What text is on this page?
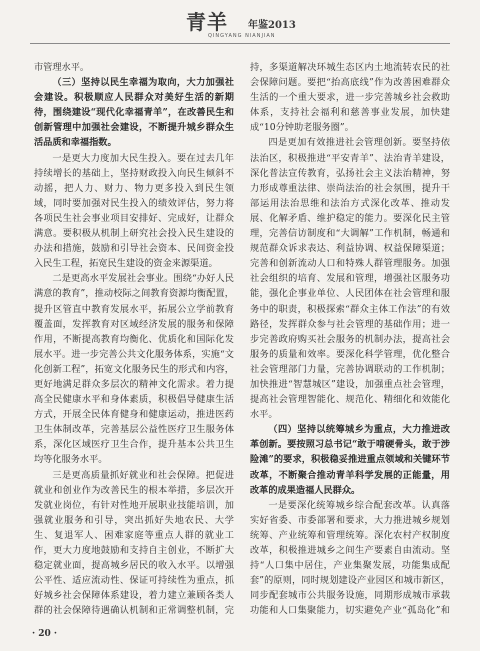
青羊 年鉴2013
QINGYANG NIANJIAN

市管理水平。

（三）坚持以民生幸福为取向，大力加强社会建设。积极顺应人民群众对美好生活的新期待，围绕建设“现代化幸福青羊”，在改善民生和创新管理中加强社会建设，不断提升城乡群众生活品质和幸福指数。

一是更大力度加大民生投入。要在过去几年持续增长的基础上，坚持财政投入向民生倾斜不动摇，把人力、财力、物力更多投入到民生领域，同时要加强对民生投入的绩效评估，努力将各项民生社会事业项目安排好、完成好，让群众满意。要积极从机制上研究社会投入民生建设的办法和措施，鼓励和引导社会资本、民间资金投入民生工程，拓宽民生建设的资金来源渠道。

二是更高水平发展社会事业。围绕“办好人民满意的教育”，推动校际之间教育资源均衡配置，提升区管直中教育发展水平，拓展公立学前教育覆盖面，发挥教育对区域经济发展的服务和保障作用，不断提高教育均衡化、优质化和国际化发展水平。进一步完善公共文化服务体系，实施“文化创新工程”，拓宽文化服务民生的形式和内容，更好地满足群众多层次的精神文化需求。着力提高全民健康水平和身体素质，积极倡导健康生活方式，开展全民体育健身和健康运动，推进医药卫生体制改革，完善基层公益性医疗卫生服务体系，深化区域医疗卫生合作，提升基本公共卫生均等化服务水平。

三是更高质量抓好就业和社会保障。把促进就业和创业作为改善民生的根本举措，多层次开发就业岗位，有针对性地开展职业技能培训，加强就业服务和引导，突出抓好失地农民、大学生、复退军人、困难家庭等重点人群的就业工作，更大力度地鼓励和支持自主创业，不断扩大稳定就业面，提高城乡居民的收入水平。以增强公平性、适应流动性、保证可持续性为重点，抓好城乡社会保障体系建设，着力建立兼顾各类人群的社会保障待遇确认机制和正常调整机制，完

持，多渠道解决环城生态区内土地流转农民的社会保障问题。要把“抬高底线”作为改善困难群众生活的一个重大要求，进一步完善城乡社会救助体系，支持社会福利和慈善事业发展，加快建成“10分钟助老服务圈”。

四是更加有效推进社会管理创新。要坚持依法治区，积极推进“平安青羊”、法治青羊建设，深化普法宣传教育，弘扬社会主义法治精神，努力形成尊重法律、崇尚法治的社会氛围，提升干部运用法治思维和法治方式深化改革、推动发展、化解矛盾、维护稳定的能力。要深化民主管理，完善信访制度和“大调解”工作机制，畅通和规范群众诉求表达、利益协调、权益保障渠道；完善和创新流动人口和特殊人群管理服务。加强社会组织的培育、发展和管理，增强社区服务功能，强化企事业单位、人民团体在社会管理和服务中的职责，积极探索“群众主体工作法”的有效路径，发挥群众参与社会管理的基础作用；进一步完善政府购买社会服务的机制办法，提高社会服务的质量和效率。要深化科学管理，优化整合社会管理部门力量，完善协调联动的工作机制；加快推进“智慧城区”建设，加强重点社会管理，提高社会管理智能化、规范化、精细化和效能化水平。

（四）坚持以统筹城乡为重点，大力推进改革创新。要按照习总书记“敢于啃硬骨头，敢于涉险滩”的要求，积极稳妥推进重点领域和关键环节改革，不断聚合推动青羊科学发展的正能量，用改革的成果造福人民群众。

一是要深化统筹城乡综合配套改革。认真落实好省委、市委部署和要求，大力推进城乡规划统筹、产业统筹和管理统筹。深化农村产权制度改革，积极推进城乡之间生产要素自由流动。坚持“人口集中居住，产业集聚发展，功能集成配套”的原则，同时规划建设产业园区和城市新区，同步配套城市公共服务设施，同期形成城市承载功能和人口集聚能力，切实避免产业“孤岛化”和

· 20 ·
